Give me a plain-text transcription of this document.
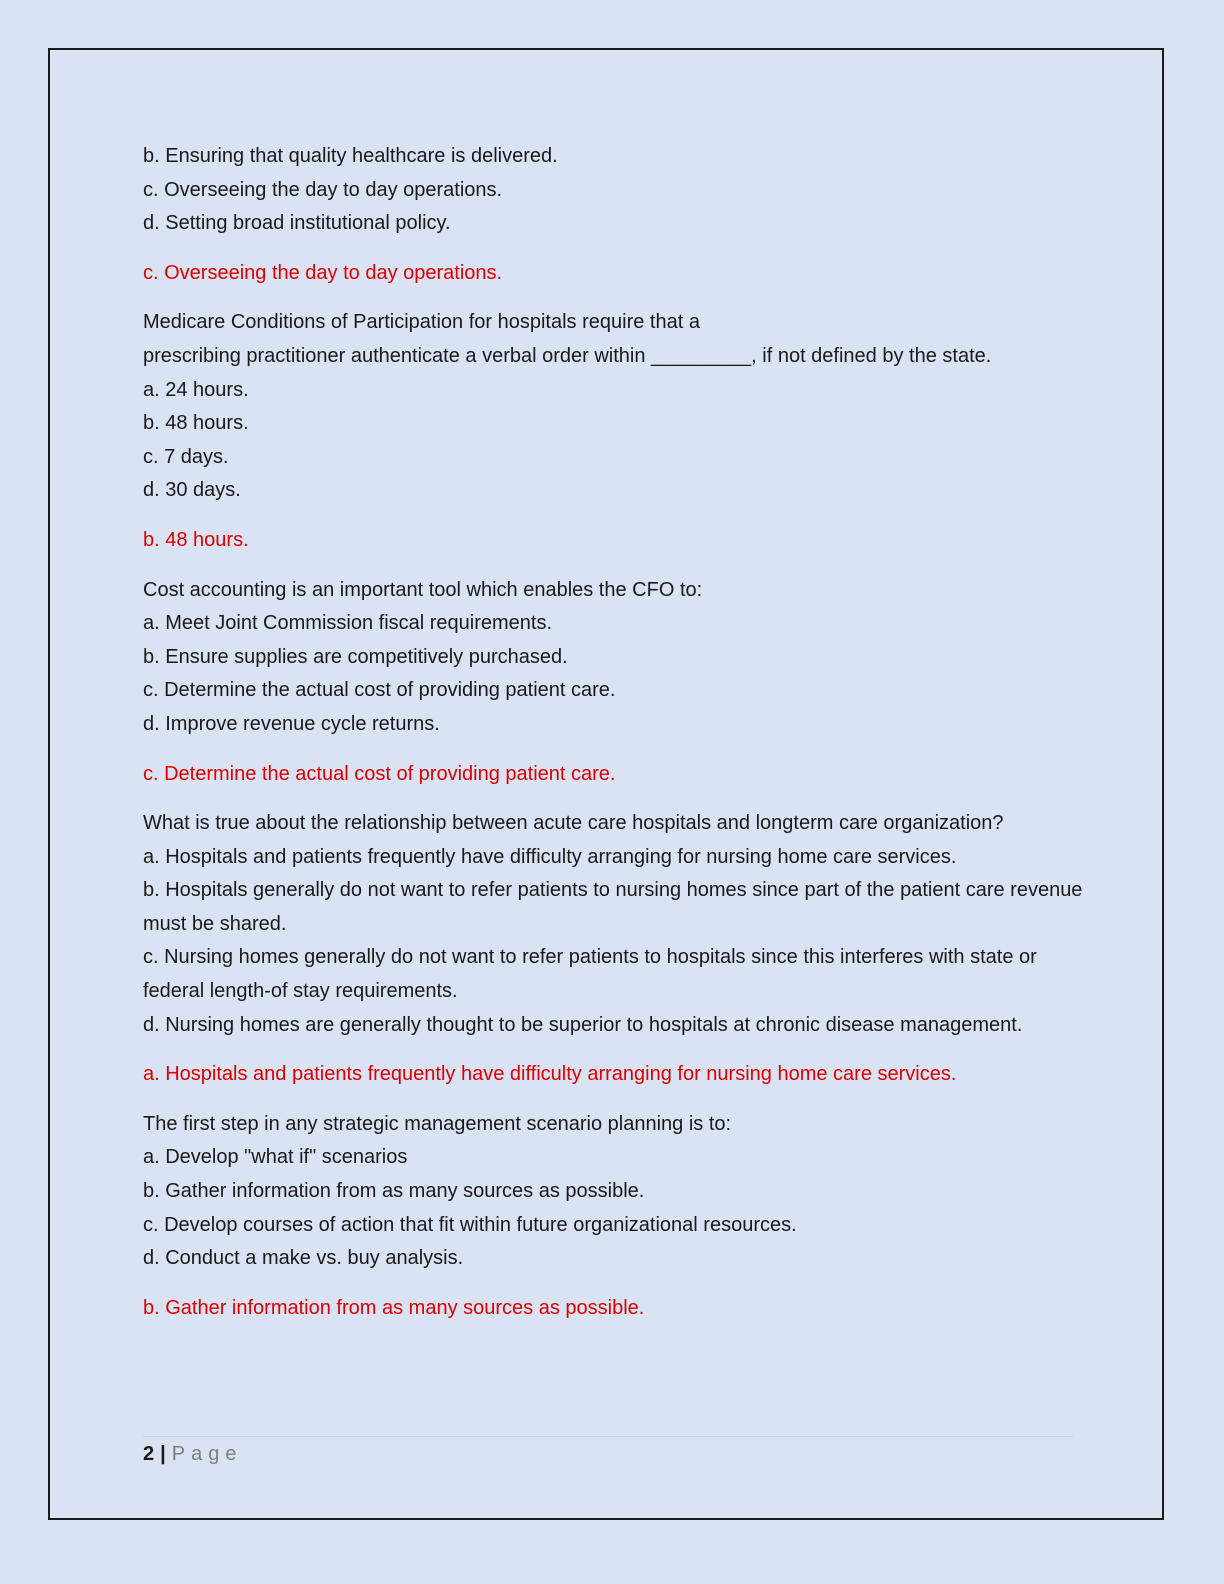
b. Ensuring that quality healthcare is delivered.
c. Overseeing the day to day operations.
d. Setting broad institutional policy.
c. Overseeing the day to day operations.
Medicare Conditions of Participation for hospitals require that a
prescribing practitioner authenticate a verbal order within _________, if not defined by the state.
a. 24 hours.
b. 48 hours.
c. 7 days.
d. 30 days.
b. 48 hours.
Cost accounting is an important tool which enables the CFO to:
a. Meet Joint Commission fiscal requirements.
b. Ensure supplies are competitively purchased.
c. Determine the actual cost of providing patient care.
d. Improve revenue cycle returns.
c. Determine the actual cost of providing patient care.
What is true about the relationship between acute care hospitals and longterm care organization?
a. Hospitals and patients frequently have difficulty arranging for nursing home care services.
b. Hospitals generally do not want to refer patients to nursing homes since part of the patient care revenue must be shared.
c. Nursing homes generally do not want to refer patients to hospitals since this interferes with state or federal length-of stay requirements.
d. Nursing homes are generally thought to be superior to hospitals at chronic disease management.
a. Hospitals and patients frequently have difficulty arranging for nursing home care services.
The first step in any strategic management scenario planning is to:
a. Develop "what if" scenarios
b. Gather information from as many sources as possible.
c. Develop courses of action that fit within future organizational resources.
d. Conduct a make vs. buy analysis.
b. Gather information from as many sources as possible.
2 | Page
